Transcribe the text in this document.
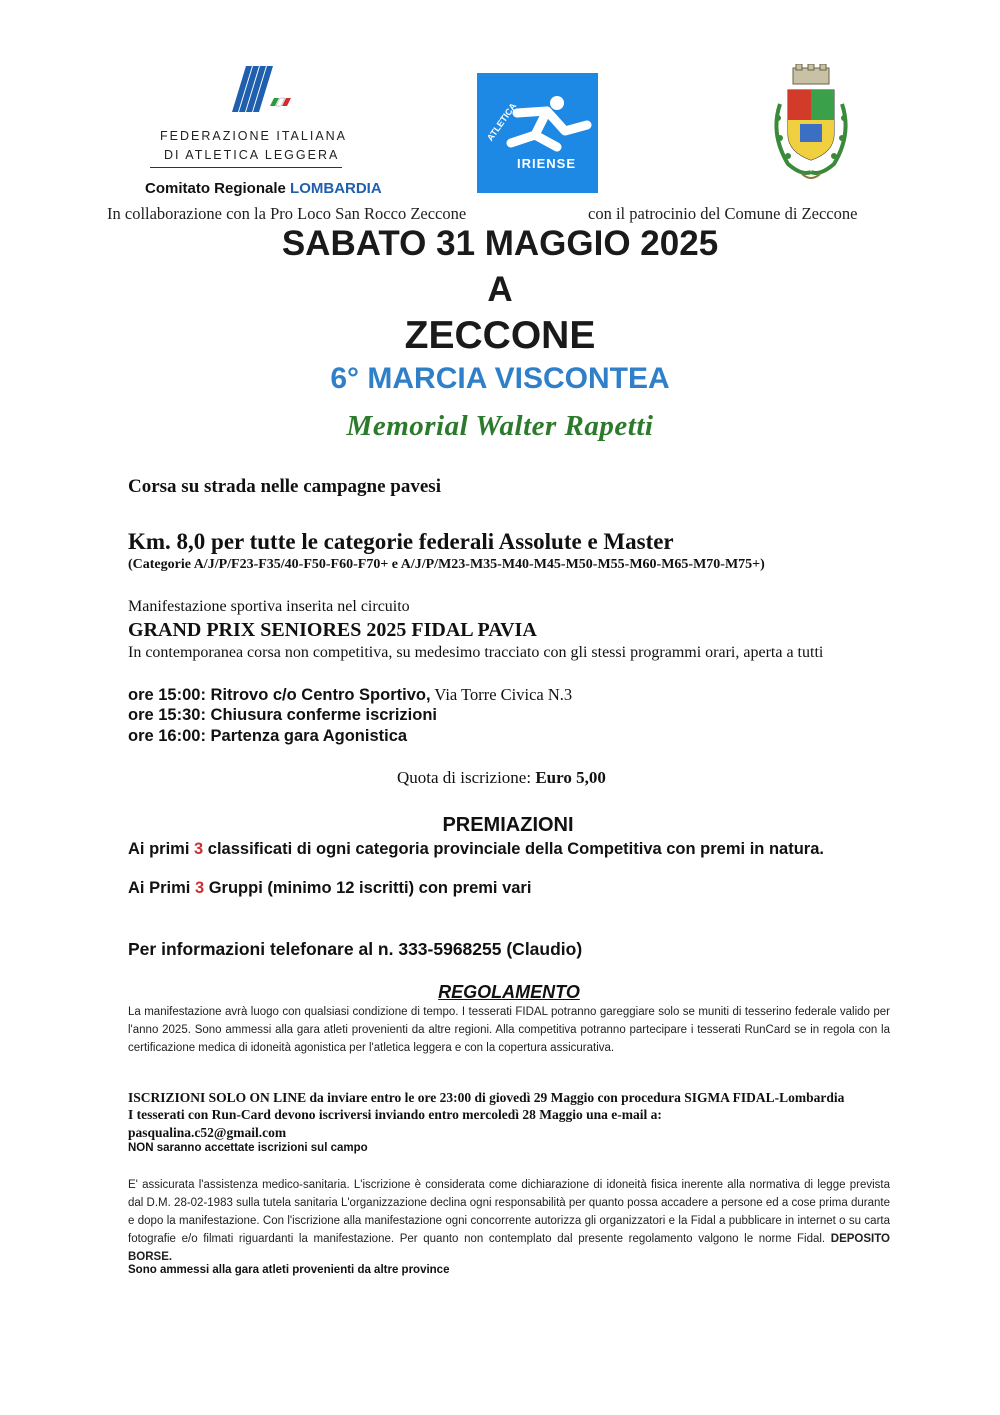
FEDERAZIONE ITALIANA
DI ATLETICA LEGGERA
Comitato Regionale LOMBARDIA
ATLETICA
IRIENSE
In collaborazione con la Pro Loco San Rocco Zeccone	con il patrocinio del Comune di Zeccone
SABATO 31 MAGGIO 2025
A
ZECCONE
6° MARCIA VISCONTEA
Memorial Walter Rapetti
Corsa su strada nelle campagne pavesi
Km. 8,0 per tutte le categorie federali Assolute e Master
(Categorie A/J/P/F23-F35/40-F50-F60-F70+ e A/J/P/M23-M35-M40-M45-M50-M55-M60-M65-M70-M75+)
Manifestazione sportiva inserita nel circuito
GRAND PRIX SENIORES 2025 FIDAL PAVIA
In contemporanea corsa non competitiva, su medesimo tracciato con gli stessi programmi orari, aperta a tutti
ore 15:00: Ritrovo c/o Centro Sportivo, Via Torre Civica N.3
ore 15:30: Chiusura conferme iscrizioni
ore 16:00: Partenza gara Agonistica
Quota di iscrizione: Euro 5,00
PREMIAZIONI
Ai primi 3 classificati di ogni categoria provinciale della Competitiva con premi in natura.
Ai Primi 3 Gruppi (minimo 12 iscritti) con premi vari
Per informazioni telefonare al n. 333-5968255 (Claudio)
REGOLAMENTO
La manifestazione avrà luogo con qualsiasi condizione di tempo. I tesserati FIDAL potranno gareggiare solo se muniti di tesserino federale valido per l'anno 2025. Sono ammessi alla gara atleti provenienti da altre regioni. Alla competitiva potranno partecipare i tesserati RunCard se in regola con la certificazione medica di idoneità agonistica per l'atletica leggera e con la copertura assicurativa.
ISCRIZIONI SOLO ON LINE da inviare entro le ore 23:00 di giovedì 29 Maggio con procedura SIGMA FIDAL-Lombardia
I tesserati con Run-Card devono iscriversi inviando entro mercoledì 28 Maggio una e-mail a:
pasqualina.c52@gmail.com
NON saranno accettate iscrizioni sul campo
E' assicurata l'assistenza medico-sanitaria. L'iscrizione è considerata come dichiarazione di idoneità fisica inerente alla normativa di legge prevista dal D.M. 28-02-1983 sulla tutela sanitaria L'organizzazione declina ogni responsabilità per quanto possa accadere a persone ed a cose prima durante e dopo la manifestazione. Con l'iscrizione alla manifestazione ogni concorrente autorizza gli organizzatori e la Fidal a pubblicare in internet o su carta fotografie e/o filmati riguardanti la manifestazione. Per quanto non contemplato dal presente regolamento valgono le norme Fidal. DEPOSITO BORSE.
Sono ammessi alla gara atleti provenienti da altre province
